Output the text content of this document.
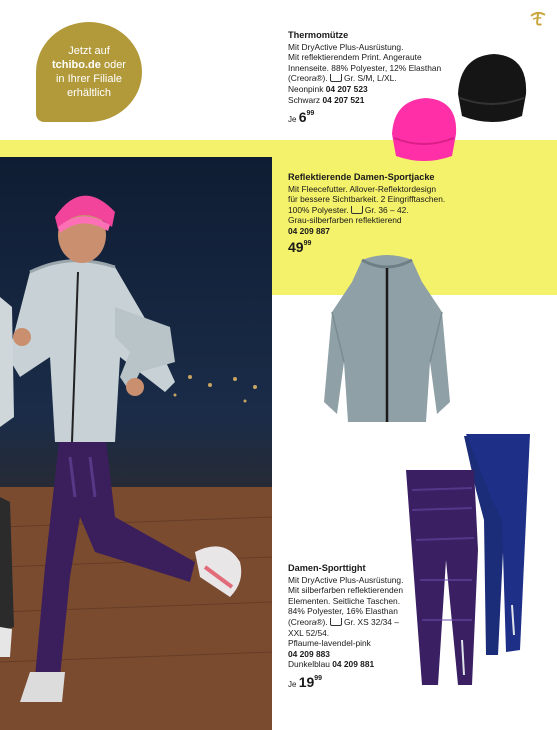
Jetzt auf
tchibo.de oder
in Ihrer Filiale
erhältlich
Thermomütze
Mit DryActive Plus-Ausrüstung.
Mit reflektierendem Print. Angeraute
Innenseite. 88% Polyester, 12% Elasthan
(Creora®). Gr. S/M, L/XL.
Neonpink 04 207 523
Schwarz 04 207 521
Je $6^{99}$
Reflektierende Damen-Sportjacke
Mit Fleecefutter. Allover-Reflektordesign
für bessere Sichtbarkeit. 2 Eingrifftaschen.
100% Polyester. Gr. 36 – 42.
Grau-silberfarben reflektierend
04 209 887
$49^{99}$
Damen-Sporttight
Mit DryActive Plus-Ausrüstung.
Mit silberfarben reflektierenden
Elementen. Seitliche Taschen.
84% Polyester, 16% Elasthan
(Creora®). Gr. XS 32/34 –
XXL 52/54.
Pflaume-lavendel-pink
04 209 883
Dunkelblau 04 209 881
Je $19^{99}$
